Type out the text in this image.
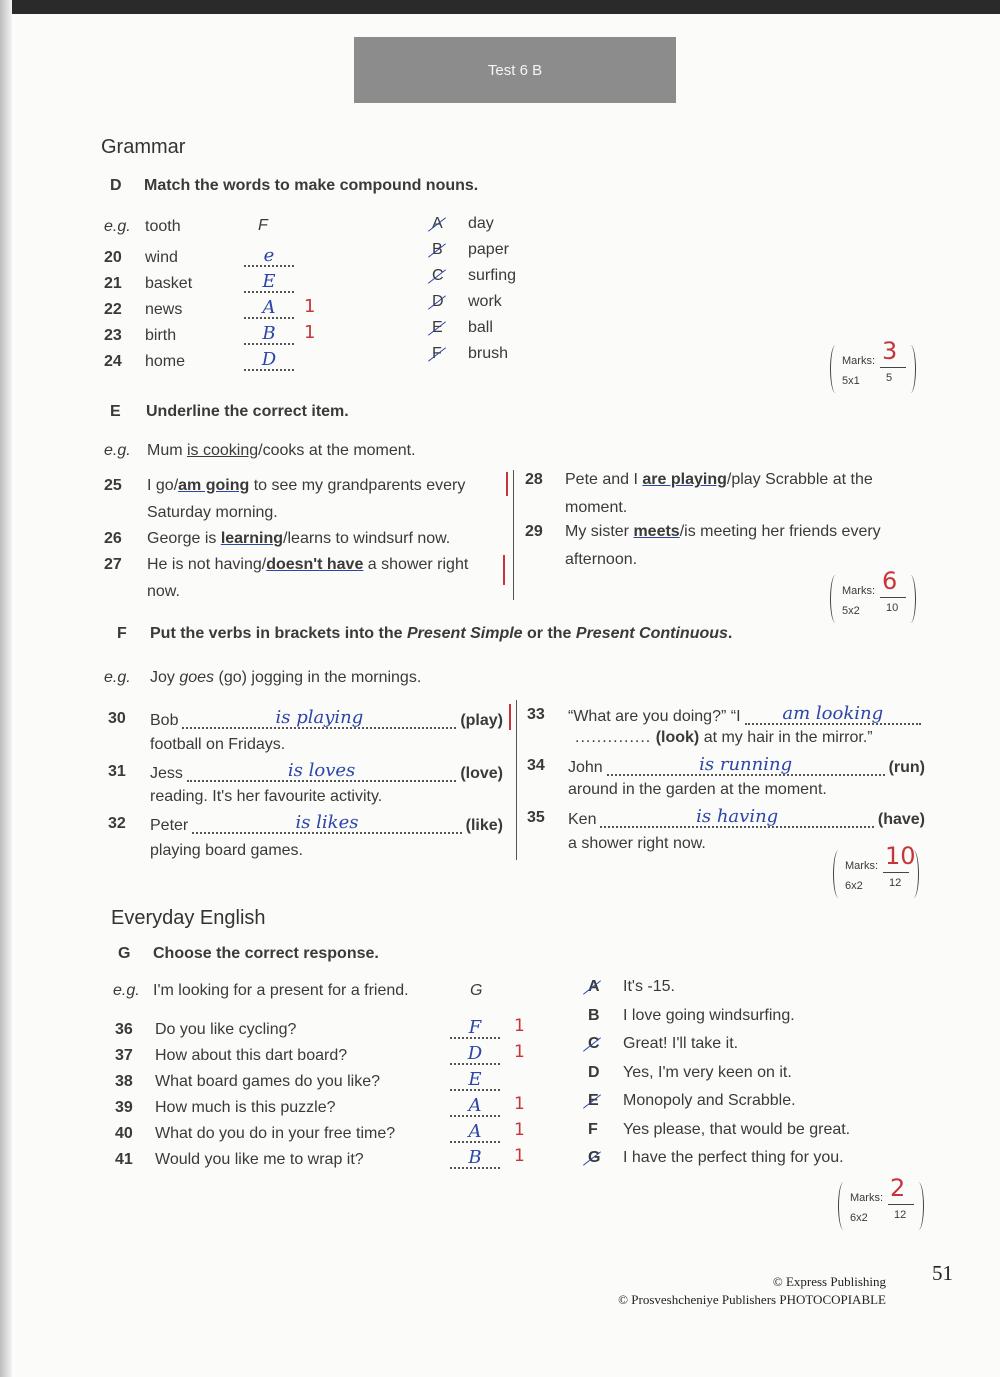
Test 6 B
Grammar
D Match the words to make compound nouns.
E Underline the correct item.
e.g. Mum is cooking/cooks at the moment.
F Put the verbs in brackets into the Present Simple or the Present Continuous.
e.g. Joy goes (go) jogging in the mornings.
Everyday English
G Choose the correct response.
e.g. I'm looking for a present for a friend.	G
51
© Express Publishing
© Prosveshcheniye Publishers PHOTOCOPIABLE
e.g. tooth	F
20 wind	e
21 basket	E
22 news	A	1
23 birth	B	1
24 home	D
A day
B paper
C surfing
D work
E ball
F brush	Marks:
5x1
3
5
25 I go/am going to see my grandparents every
Saturday morning.
26 George is learning/learns to windsurf now.
27 He is not having/doesn't have a shower right
now.
28 Pete and I are playing/play Scrabble at the
moment.
29 My sister meets/is meeting her friends every
afternoon.
Marks:
5x2
6
10
30 Bob	is playing	(play)
football on Fridays.
31 Jess	is loves	(love)
reading. It's her favourite activity.
32 Peter	is likes	(like)
playing board games.
33 “What are you doing?” “I	am looking
.............. (look) at my hair in the mirror.”
34 John	is running	(run)
around in the garden at the moment.
35 Ken	is having	(have)
a shower right now.
Marks:
6x2
10
12
36 Do you like cycling?	F	1
37 How about this dart board?	D	1
38 What board games do you like?	E
39 How much is this puzzle?	A	1
40 What do you do in your free time?	A	1
41 Would you like me to wrap it?	B	1
A It's -15.
B I love going windsurfing.
C Great! I'll take it.
D Yes, I'm very keen on it.
E Monopoly and Scrabble.
F Yes please, that would be great.
G I have the perfect thing for you.
Marks:
6x2
2
12
